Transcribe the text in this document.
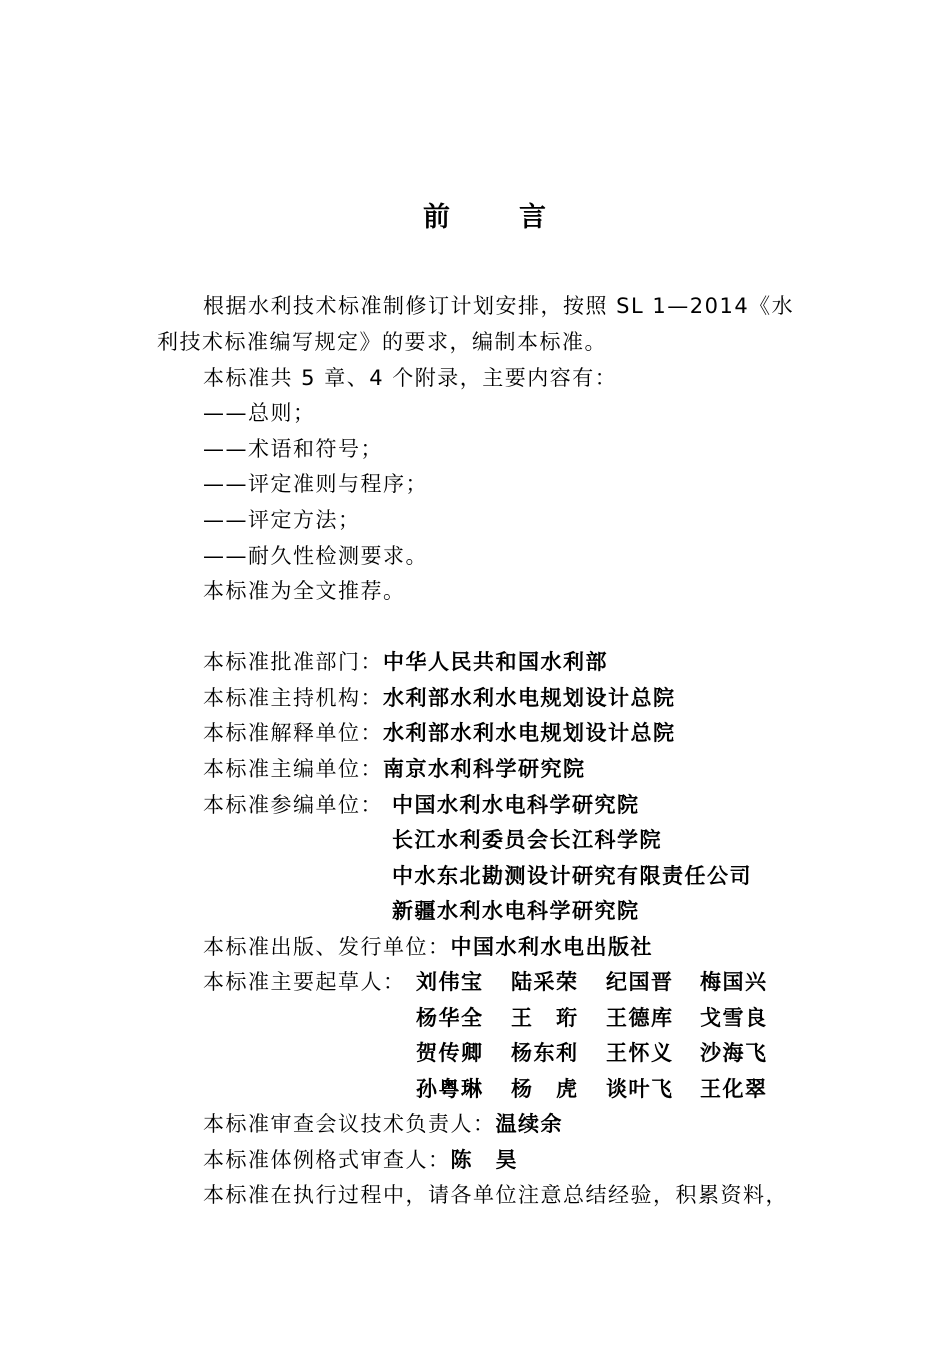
前	言
根据水利技术标准制修订计划安排，按照 SL 1—2014《水
利技术标准编写规定》的要求，编制本标准。
本标准共 5 章、4 个附录，主要内容有：
——总则；
——术语和符号；
——评定准则与程序；
——评定方法；
——耐久性检测要求。
本标准为全文推荐。
本标准批准部门：中华人民共和国水利部
本标准主持机构：水利部水利水电规划设计总院
本标准解释单位：水利部水利水电规划设计总院
本标准主编单位：南京水利科学研究院
本标准参编单位： 中国水利水电科学研究院
长江水利委员会长江科学院
中水东北勘测设计研究有限责任公司
新疆水利水电科学研究院
本标准出版、发行单位：中国水利水电出版社
本标准主要起草人： 刘伟宝 陆采荣 纪国晋 梅国兴
杨华全 王　珩 王德库 戈雪良
贺传卿 杨东利 王怀义 沙海飞
孙粤琳 杨　虎 谈叶飞 王化翠
本标准审查会议技术负责人：温续余
本标准体例格式审查人：陈　昊
本标准在执行过程中，请各单位注意总结经验，积累资料，
